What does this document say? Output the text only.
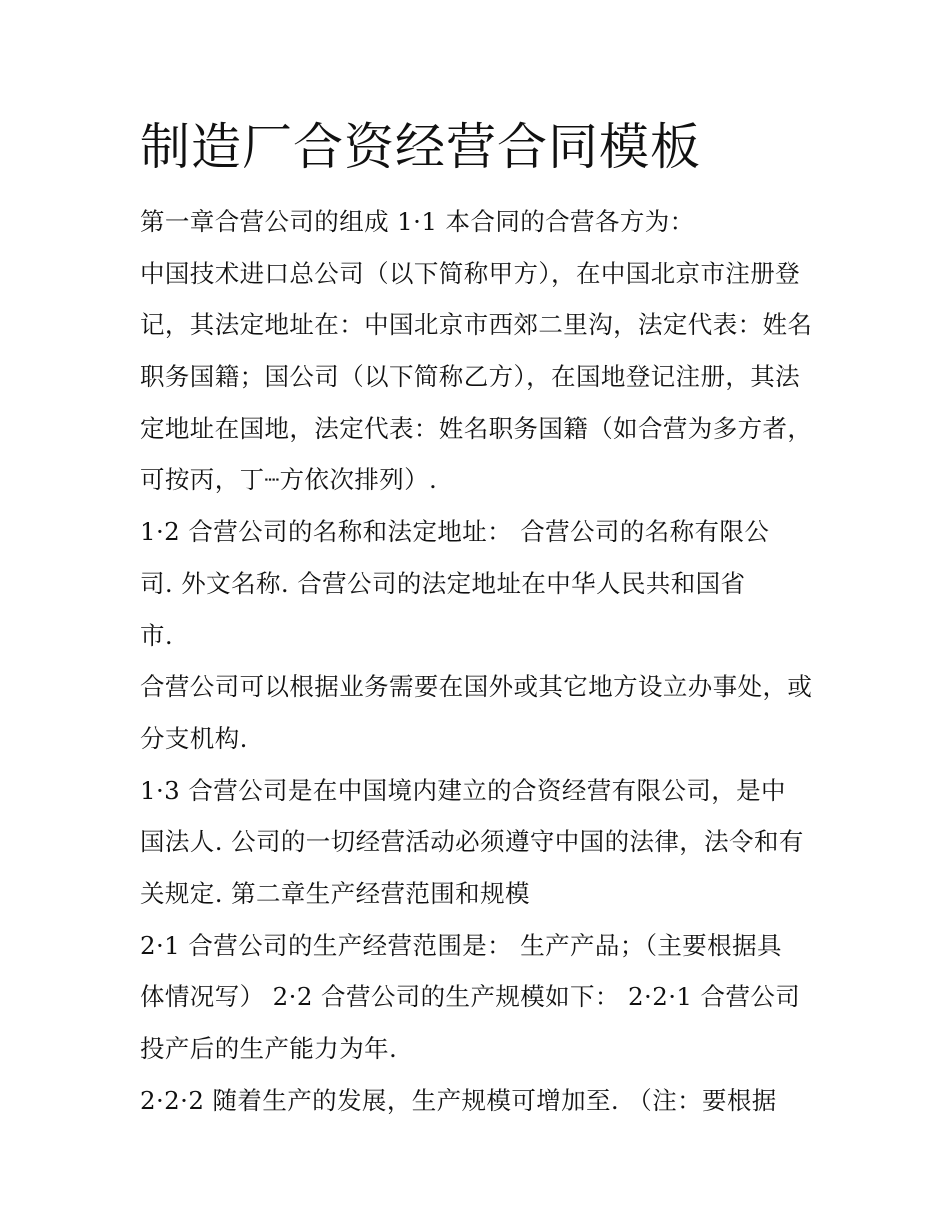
制造厂合资经营合同模板
第一章合营公司的组成 1·1 本合同的合营各方为：
中国技术进口总公司（以下简称甲方），在中国北京市注册登
记，其法定地址在：中国北京市西郊二里沟，法定代表：姓名
职务国籍；国公司（以下简称乙方），在国地登记注册，其法
定地址在国地，法定代表：姓名职务国籍（如合营为多方者，
可按丙，丁┈方依次排列）.
1·2 合营公司的名称和法定地址： 合营公司的名称有限公
司. 外文名称. 合营公司的法定地址在中华人民共和国省
市.
合营公司可以根据业务需要在国外或其它地方设立办事处，或
分支机构.
1·3 合营公司是在中国境内建立的合资经营有限公司，是中
国法人. 公司的一切经营活动必须遵守中国的法律，法令和有
关规定. 第二章生产经营范围和规模
2·1 合营公司的生产经营范围是： 生产产品；（主要根据具
体情况写） 2·2 合营公司的生产规模如下： 2·2·1 合营公司
投产后的生产能力为年.
2·2·2 随着生产的发展，生产规模可增加至. （注：要根据
